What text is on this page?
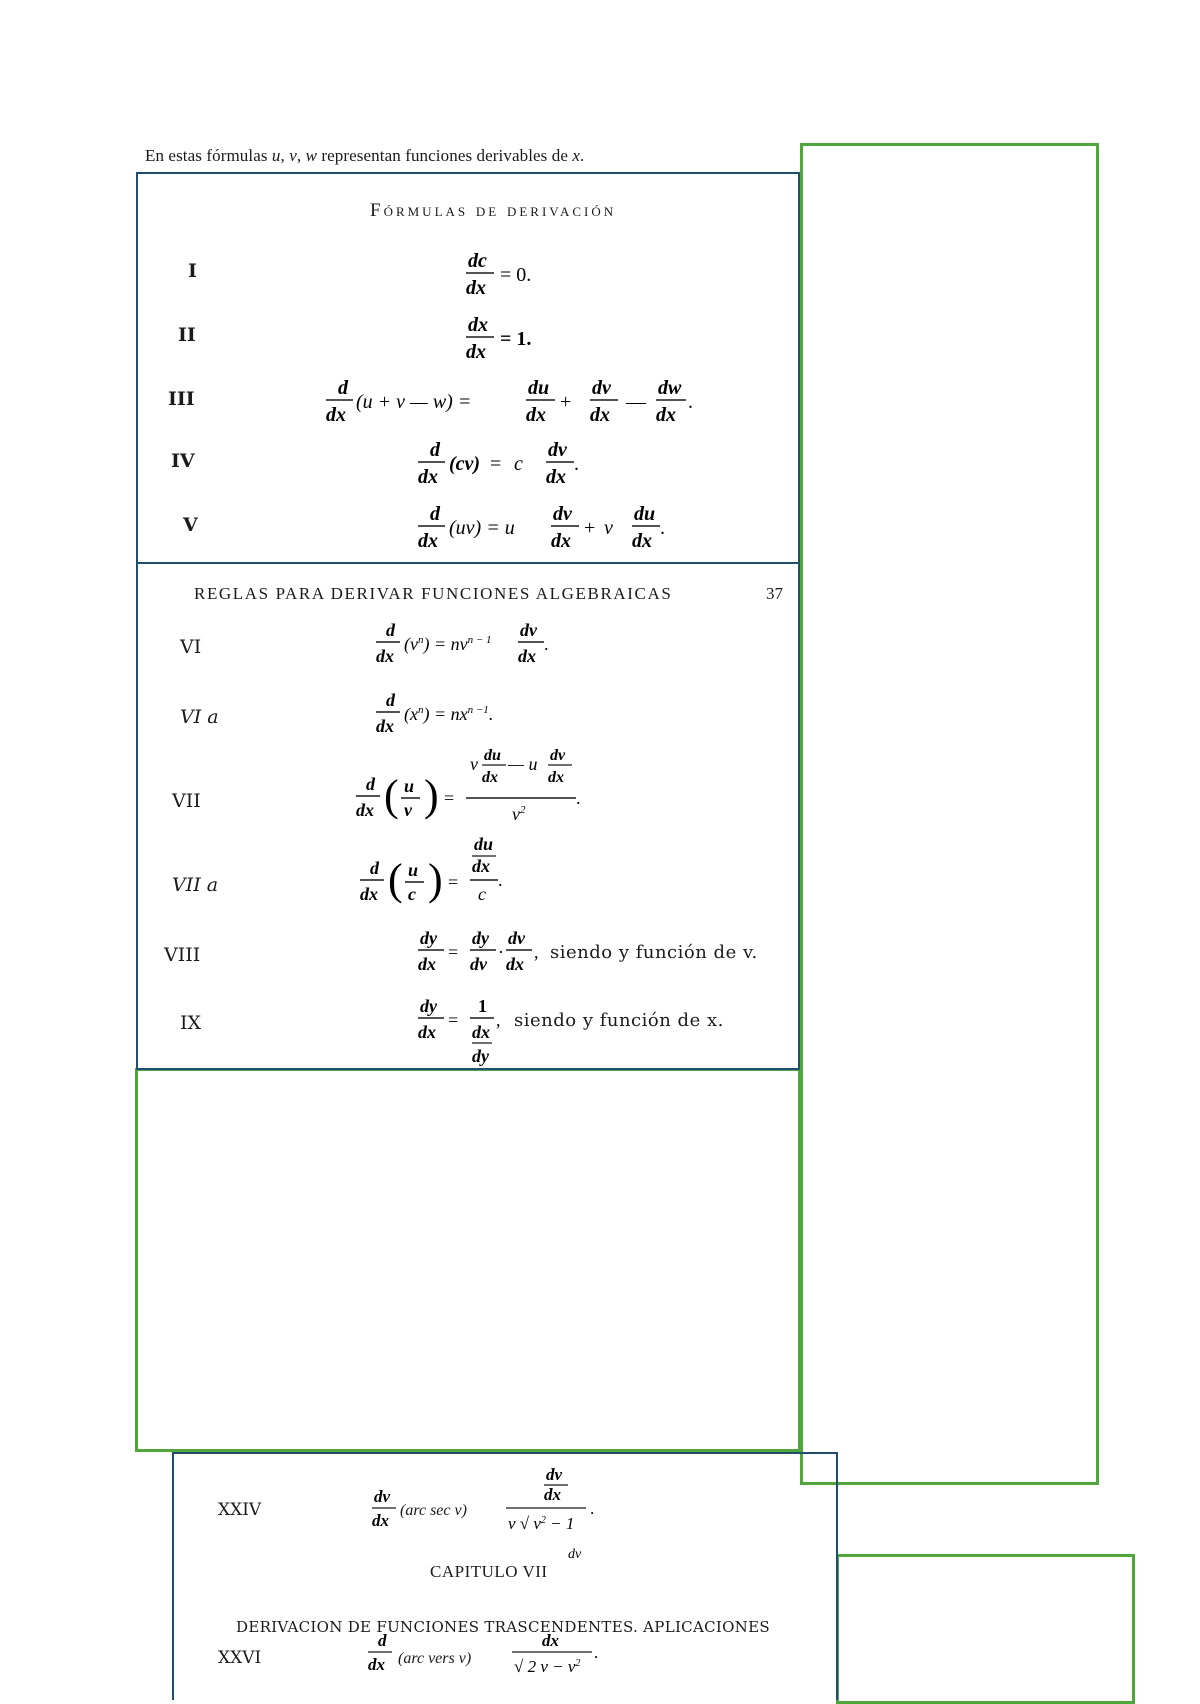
En estas fórmulas u, v, w representan funciones derivables de x.
Fórmulas de derivación
I
II
III
IV
V
dc
dx
= 0.
dx
dx
= 1.
d
dx
(u + v — w) =
du
dx
+
dv
dx
—
dw
dx
.
d
dx
(cv) = c
dv
dx
.
d
dx
(uv) = u
dv
dx
+ v
du
dx
.
REGLAS PARA DERIVAR FUNCIONES ALGEBRAICAS	37
VI
VI a
VII
VII a
VIII
IX
d
dx
$(v^n) = nv^{n - 1}$ dv
dx
.
d
dx
$(x^n) = nx^{n -1}$.
d
dx ( u
v ) =
v du
dx
— u dv
dx
$v^2$
.
d
dx ( u
c ) =
du
dx
c
.
dy
dx
=
dy
dv
·
dv
dx
,
dy
dx
=
1
dx
dy
,
siendo y función de v.
siendo y función de x.
XXIV
dv
dx
dv
dx
v √ $v^2 - 1$
.
dv
d
dx
dx
√ 2 $v - v^2$
.
(arc sec v)
CAPITULO VII
DERIVACION DE FUNCIONES TRASCENDENTES. APLICACIONES
XXVI	(arc vers v)
